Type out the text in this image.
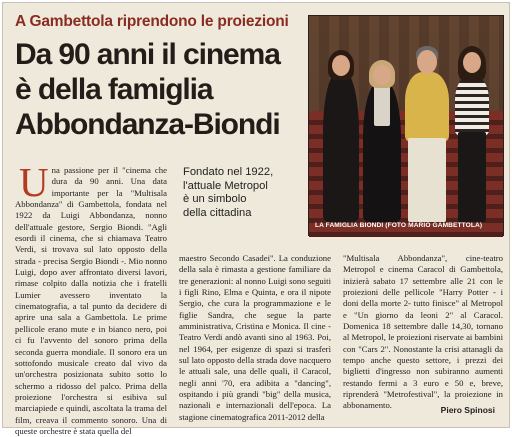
A Gambettola riprendono le proiezioni
Da 90 anni il cinema
è della famiglia
Abbondanza-Biondi
LA FAMIGLIA BIONDI (FOTO MARIO GAMBETTOLA)

Una passione per il "cinema che dura da 90 anni. Una data importante per la "Multisala Abbondanza" di Gambettola, fondata nel 1922 da Luigi Abbondanza, nonno dell'attuale gestore, Sergio Biondi. "Agli esordi il cinema, che si chiamava Teatro Verdi, si trovava sul lato opposto della strada - precisa Sergio Biondi -. Mio nonno Luigi, dopo aver affrontato diversi lavori, rimase colpito dalla notizia che i fratelli Lumier avessero inventato la cinematografia, a tal punto da decidere di aprire una sala a Gambettola. Le prime pellicole erano mute e in bianco nero, poi ci fu l'avvento del sonoro prima della seconda guerra mondiale. Il sonoro era un sottofondo musicale creato dal vivo da un'orchestra posizionata subito sotto lo schermo a ridosso del palco. Prima della proiezione l'orchestra si esibiva sul marciapiede e quindi, ascoltata la trama del film, creava il commento sonoro. Una di queste orchestre è stata quella del

Fondato nel 1922,
l'attuale Metropol
è un simbolo
della cittadina

maestro Secondo Casadei". La conduzione della sala è rimasta a gestione familiare da tre generazioni: al nonno Luigi sono seguiti i figli Rino, Elma e Quinta, e ora il nipote Sergio, che cura la programmazione e le figlie Sandra, che segue la parte amministrativa, Cristina e Monica. Il cine - Teatro Verdi andò avanti sino al 1963. Poi, nel 1964, per esigenze di spazi si trasferì sul lato opposto della strada dove nacquero le attuali sale, una delle quali, il Caracol, negli anni '70, era adibita a "dancing", ospitando i più grandi "big" della musica, nazionali e internazionali dell'epoca. La stagione cinematografica 2011-2012 della

"Multisala Abbondanza", cine-teatro Metropol e cinema Caracol di Gambettola, inizierà sabato 17 settembre alle 21 con le proiezioni delle pellicole "Harry Potter - i doni della morte 2- tutto finisce" al Metropol e "Un giorno da leoni 2" al Caracol. Domenica 18 settembre dalle 14,30, tornano al Metropol, le proiezioni riservate ai bambini con "Cars 2". Nonostante la crisi attanagli da tempo anche questo settore, i prezzi dei biglietti d'ingresso non subiranno aumenti restando fermi a 3 euro e 50 e, breve, riprenderà "Metrofestival", la proiezione in abbonamento.	Piero Spinosi
